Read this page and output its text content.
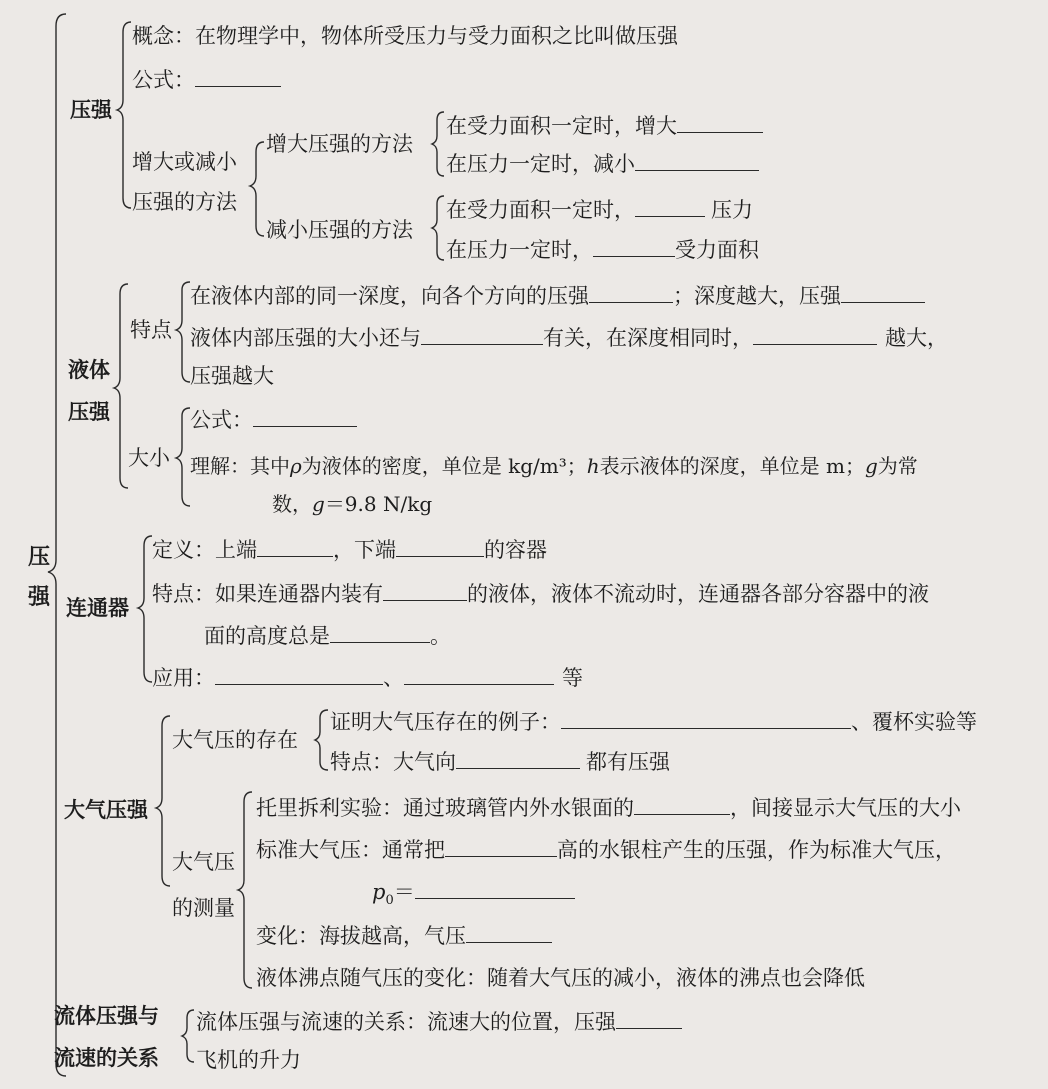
压
强
压强
概念：在物理学中，物体所受压力与受力面积之比叫做压强
公式：
增大或减小
压强的方法
增大压强的方法
在受力面积一定时，增大
在压力一定时，减小
减小压强的方法
在受力面积一定时，	压力
在压力一定时，	受力面积
液体
压强
特点
在液体内部的同一深度，向各个方向的压强	；深度越大，压强
液体内部压强的大小还与	有关，在深度相同时，	越大，
压强越大
大小
公式：
理解：其中ρ为液体的密度，单位是 kg/m³；h表示液体的深度，单位是 m；g为常
数，g＝9.8 N/kg
连通器
定义：上端	，下端	的容器
特点：如果连通器内装有	的液体，液体不流动时，连通器各部分容器中的液
面的高度总是	。
应用：	、	等
大气压强
大气压的存在
证明大气压存在的例子：	、覆杯实验等
特点：大气向	都有压强
大气压
的测量
托里拆利实验：通过玻璃管内外水银面的	，间接显示大气压的大小
标准大气压：通常把	高的水银柱产生的压强，作为标准大气压，
$p_0=$
变化：海拔越高，气压
液体沸点随气压的变化：随着大气压的减小，液体的沸点也会降低
流体压强与
流速的关系
流体压强与流速的关系：流速大的位置，压强
飞机的升力
